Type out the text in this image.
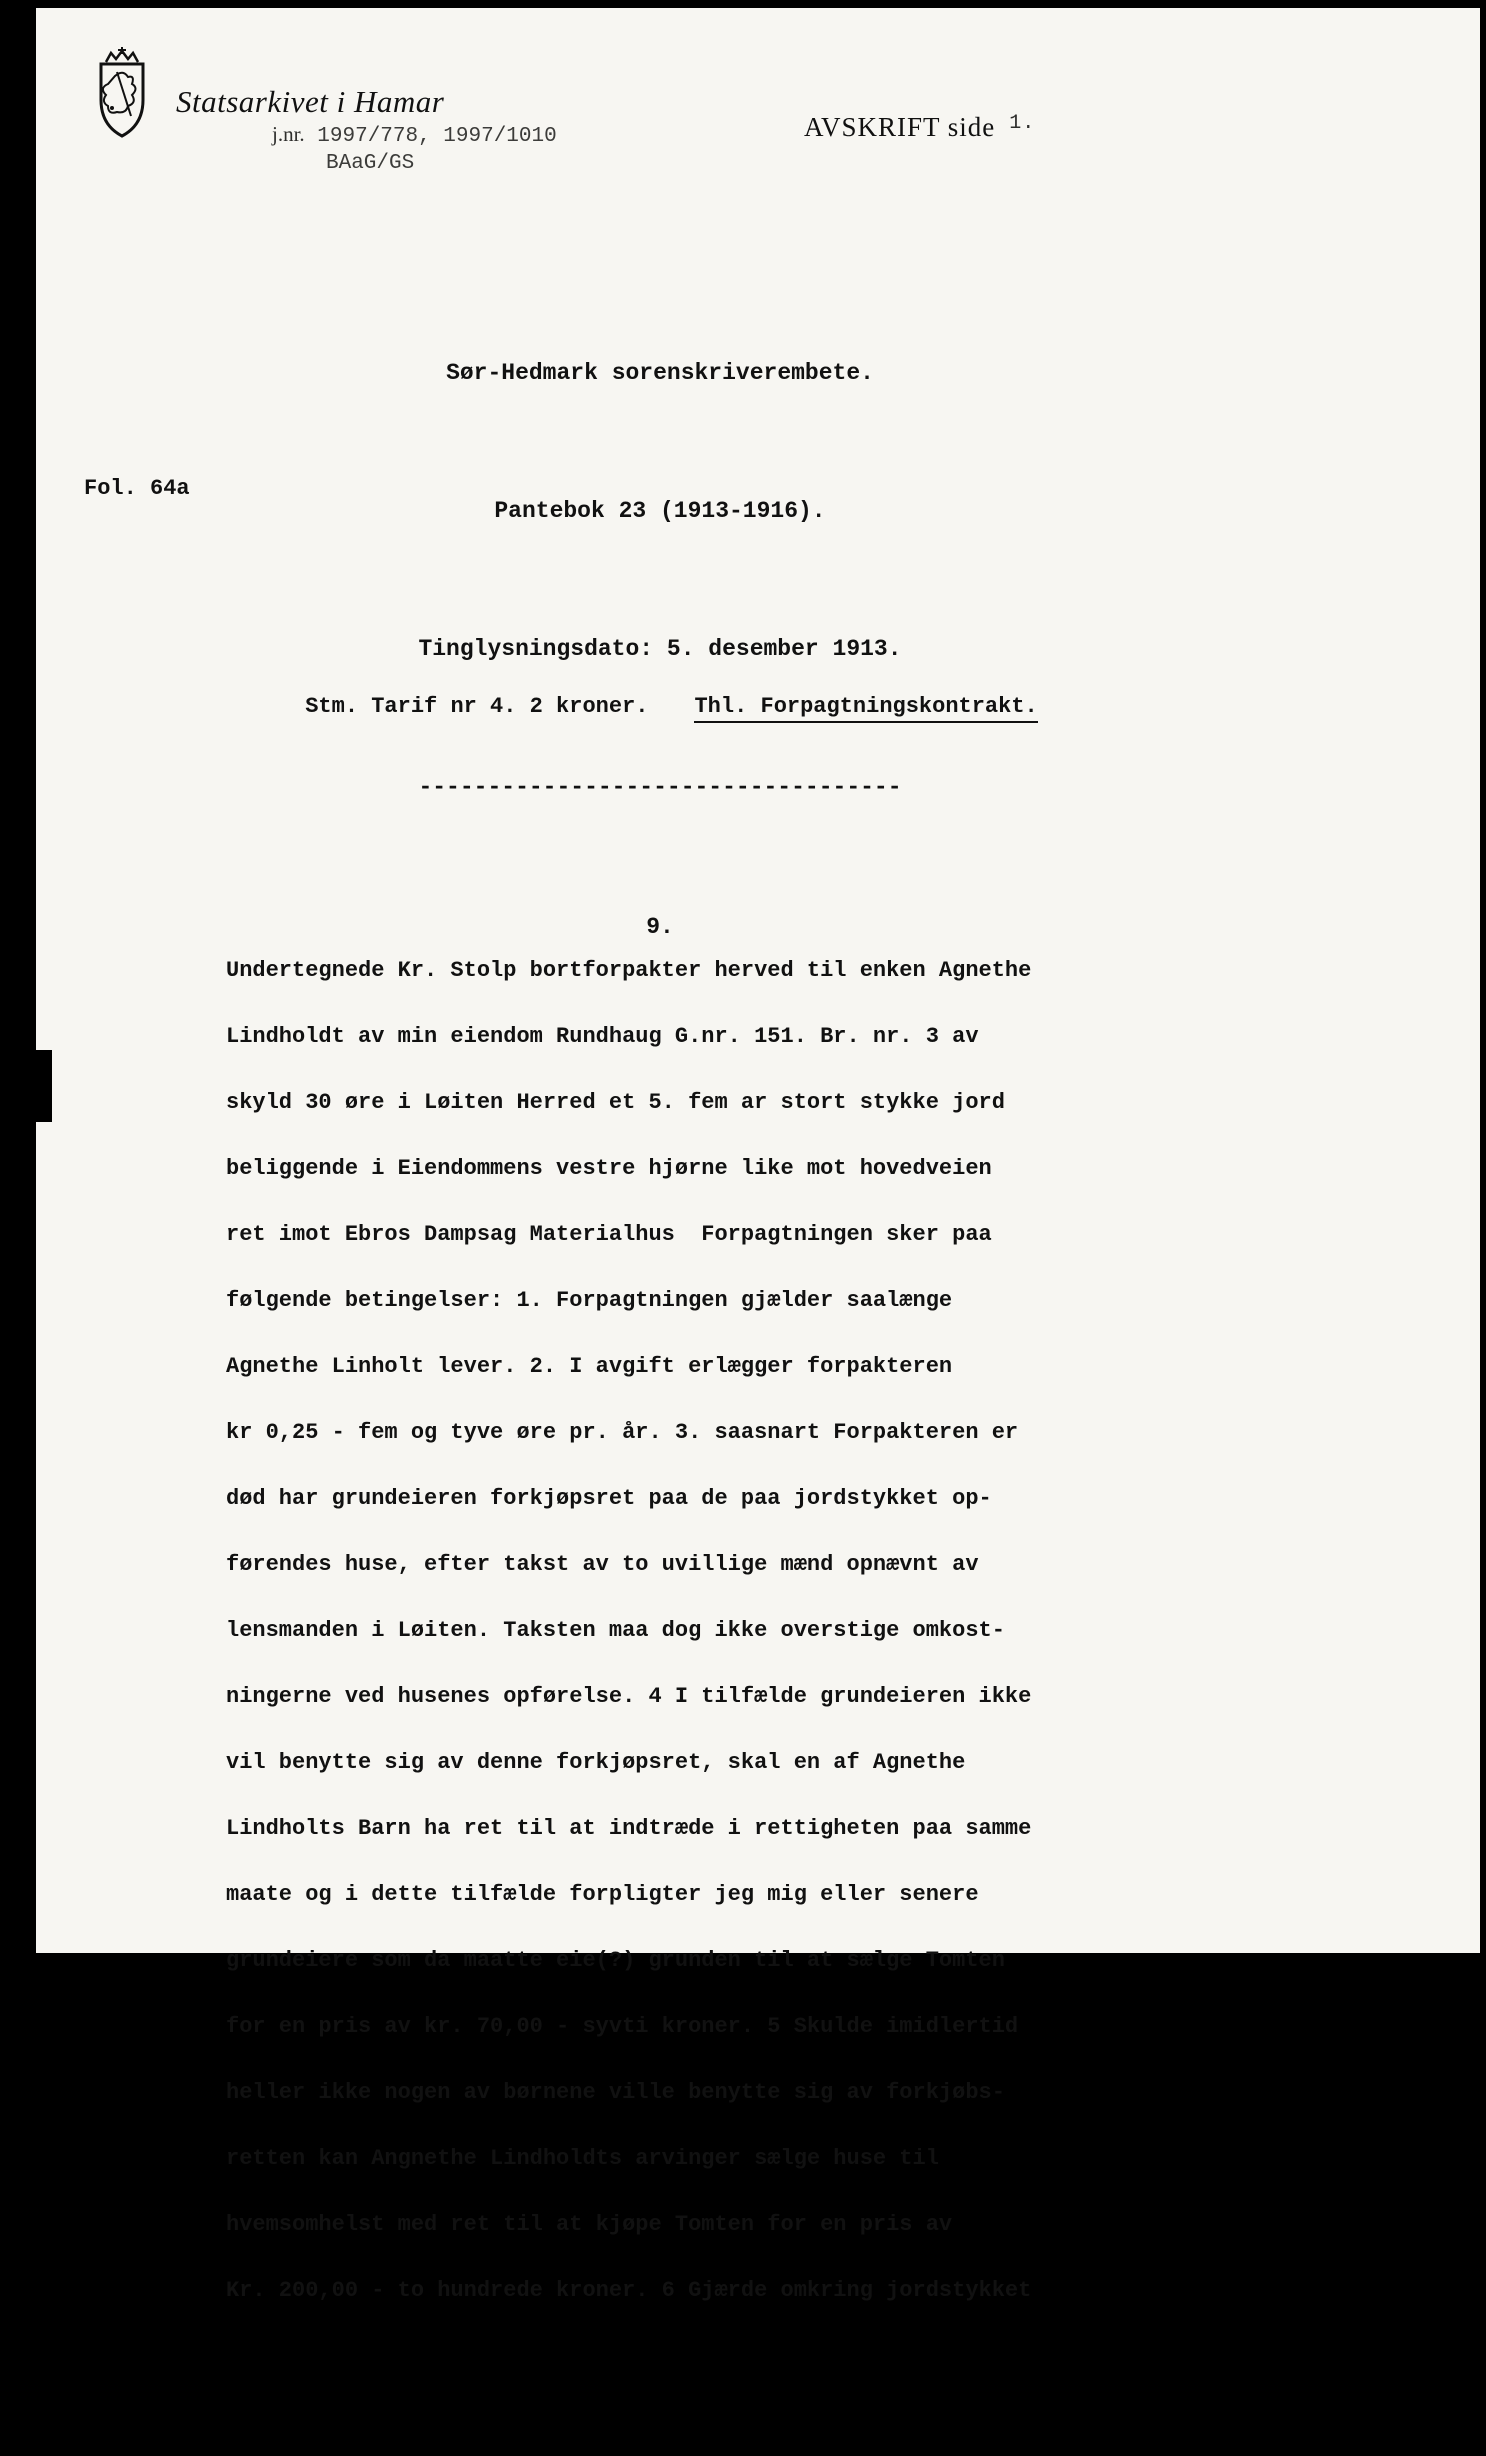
Statsarkivet i Hamar
j.nr. 1997/778, 1997/1010
BAaG/GS
AVSKRIFT side $^{1.}$

Sør-Hedmark sorenskriverembete.

Pantebok 23 (1913-1916).

Tinglysningsdato: 5. desember 1913.

-----------------------------------

9.

Fol. 64a

Stm. Tarif nr 4. 2 kroner. Thl. Forpagtningskontrakt.

Undertegnede Kr. Stolp bortforpakter herved til enken Agnethe
Lindholdt av min eiendom Rundhaug G.nr. 151. Br. nr. 3 av
skyld 30 øre i Løiten Herred et 5. fem ar stort stykke jord
beliggende i Eiendommens vestre hjørne like mot hovedveien
ret imot Ebros Dampsag Materialhus  Forpagtningen sker paa
følgende betingelser: 1. Forpagtningen gjælder saalænge
Agnethe Linholt lever. 2. I avgift erlægger forpakteren
kr 0,25 - fem og tyve øre pr. år. 3. saasnart Forpakteren er
død har grundeieren forkjøpsret paa de paa jordstykket op-
førendes huse, efter takst av to uvillige mænd opnævnt av
lensmanden i Løiten. Taksten maa dog ikke overstige omkost-
ningerne ved husenes opførelse. 4 I tilfælde grundeieren ikke
vil benytte sig av denne forkjøpsret, skal en af Agnethe
Lindholts Barn ha ret til at indtræde i rettigheten paa samme
maate og i dette tilfælde forpligter jeg mig eller senere
grundeiere som da maatte eie(?) grunden til at sælge Tomten
for en pris av kr. 70,00 - syvti kroner. 5 Skulde imidlertid
heller ikke nogen av børnene ville benytte sig av forkjøbs-
retten kan Angnethe Lindholdts arvinger sælge huse til
hvemsomhelst med ret til at kjøpe Tomten for en pris av
Kr. 200,00 - to hundrede kroner. 6 Gjærde omkring jordstykket
